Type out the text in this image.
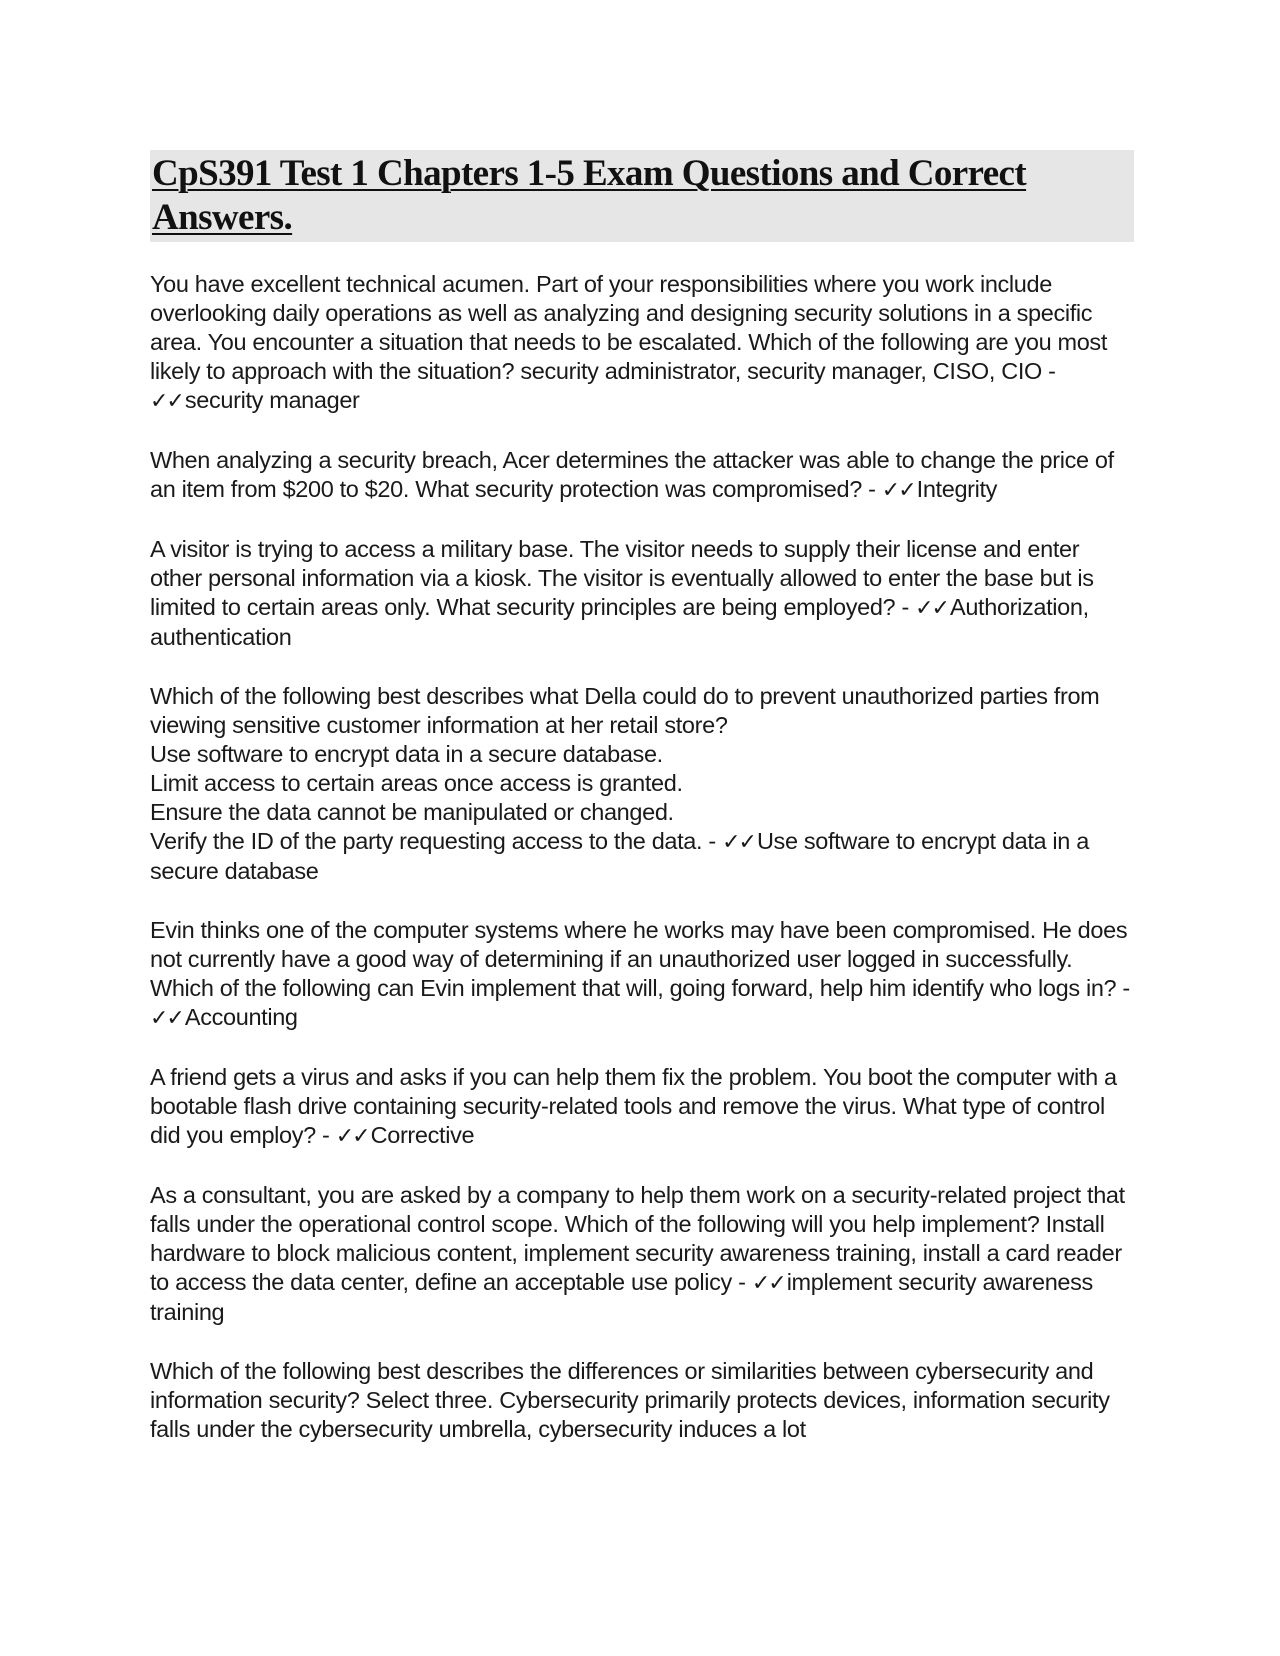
CpS391 Test 1 Chapters 1-5 Exam Questions and Correct Answers.

You have excellent technical acumen. Part of your responsibilities where you work include overlooking daily operations as well as analyzing and designing security solutions in a specific area. You encounter a situation that needs to be escalated. Which of the following are you most likely to approach with the situation? security administrator, security manager, CISO, CIO - ✓✓security manager

When analyzing a security breach, Acer determines the attacker was able to change the price of an item from $200 to $20. What security protection was compromised? - ✓✓Integrity

A visitor is trying to access a military base. The visitor needs to supply their license and enter other personal information via a kiosk. The visitor is eventually allowed to enter the base but is limited to certain areas only. What security principles are being employed? - ✓✓Authorization, authentication

Which of the following best describes what Della could do to prevent unauthorized parties from viewing sensitive customer information at her retail store?
Use software to encrypt data in a secure database.
Limit access to certain areas once access is granted.
Ensure the data cannot be manipulated or changed.
Verify the ID of the party requesting access to the data. - ✓✓Use software to encrypt data in a secure database

Evin thinks one of the computer systems where he works may have been compromised. He does not currently have a good way of determining if an unauthorized user logged in successfully. Which of the following can Evin implement that will, going forward, help him identify who logs in? - ✓✓Accounting

A friend gets a virus and asks if you can help them fix the problem. You boot the computer with a bootable flash drive containing security-related tools and remove the virus. What type of control did you employ? - ✓✓Corrective

As a consultant, you are asked by a company to help them work on a security-related project that falls under the operational control scope. Which of the following will you help implement? Install hardware to block malicious content, implement security awareness training, install a card reader to access the data center, define an acceptable use policy - ✓✓implement security awareness training

Which of the following best describes the differences or similarities between cybersecurity and information security? Select three. Cybersecurity primarily protects devices, information security falls under the cybersecurity umbrella, cybersecurity induces a lot
